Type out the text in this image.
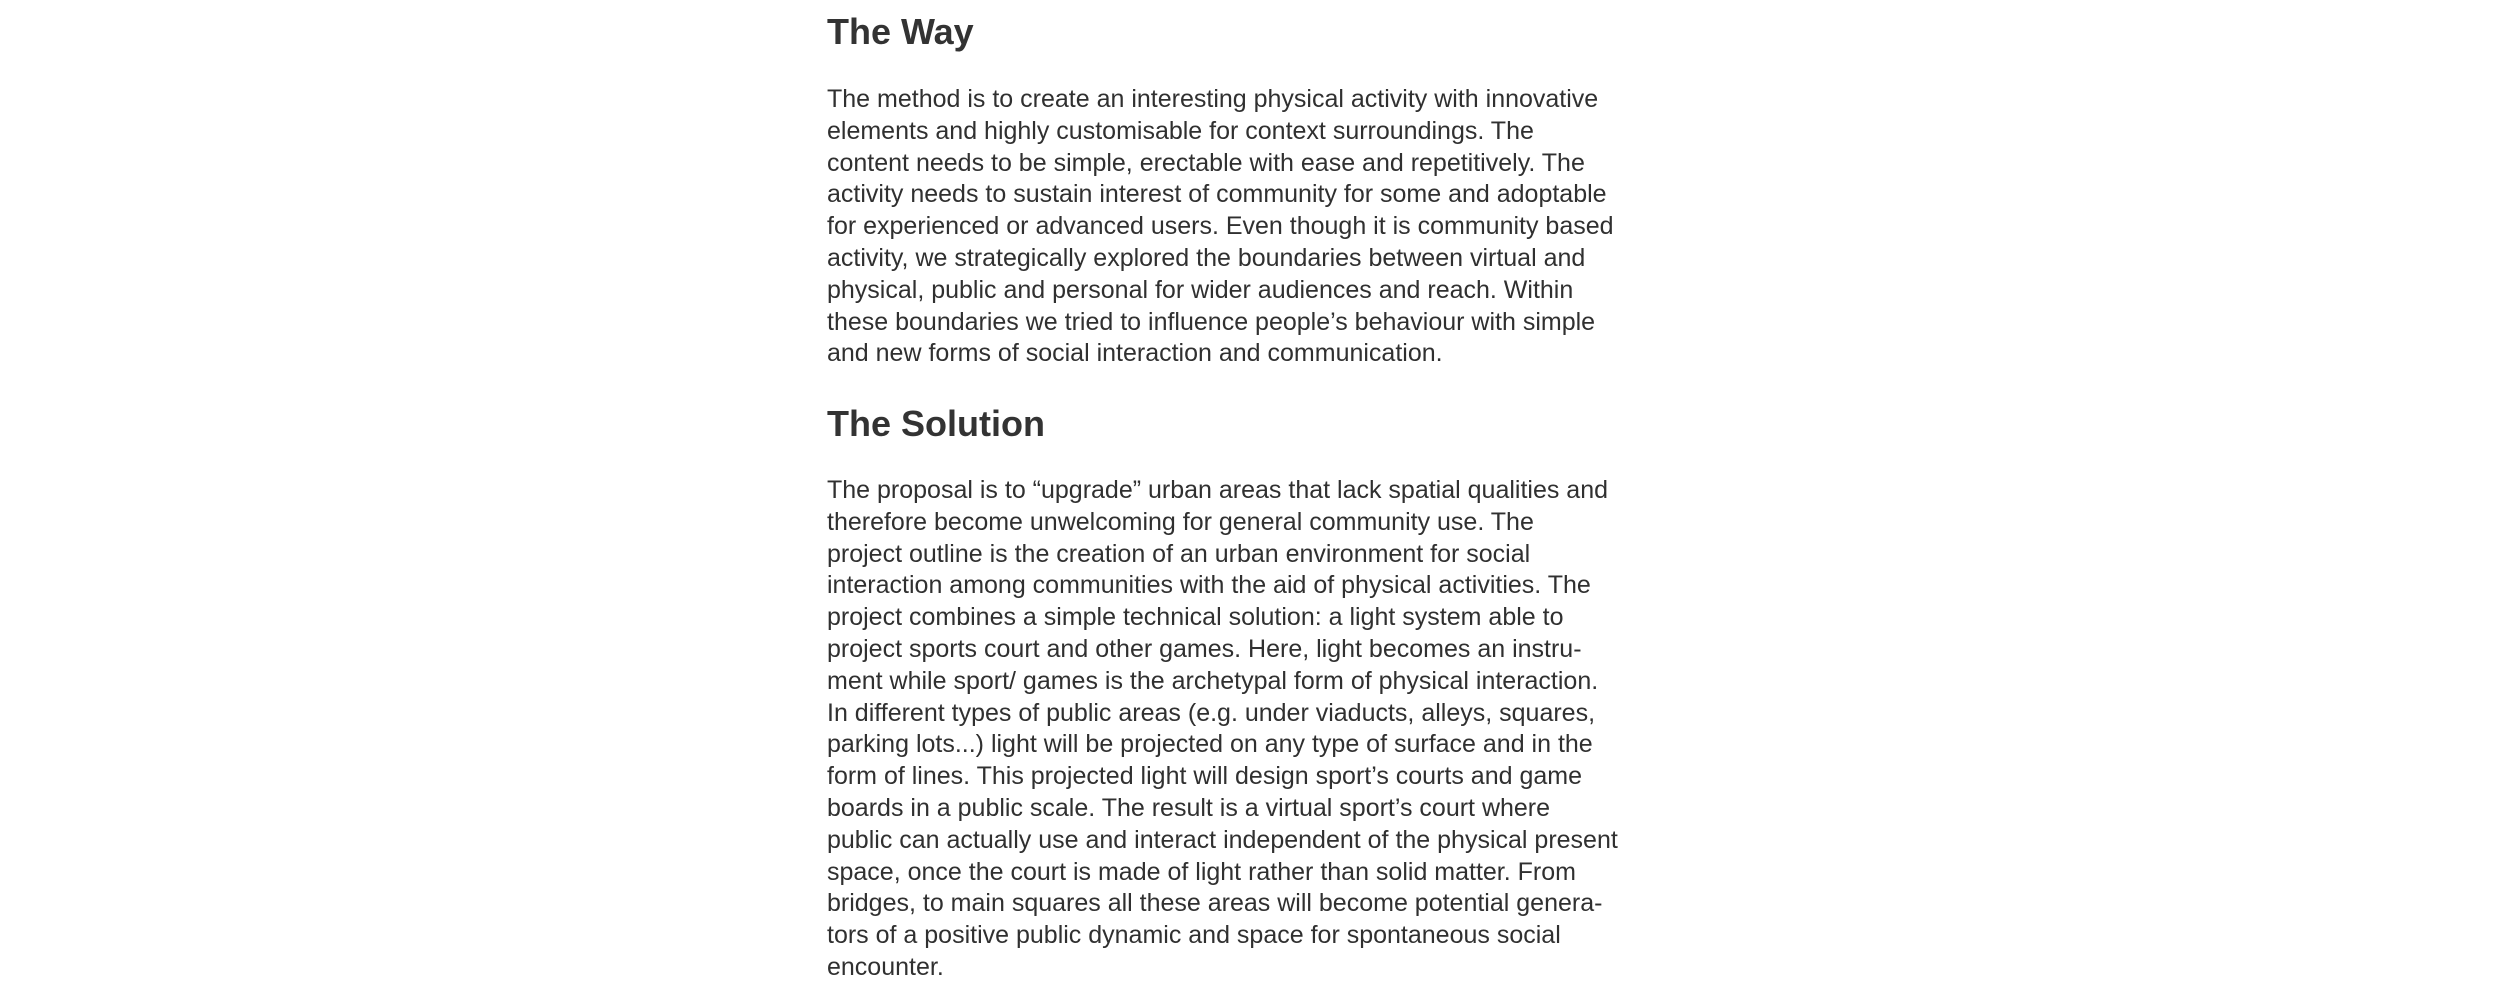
The Way

The method is to create an interesting physical activity with innovative
elements and highly customisable for context surroundings. The
content needs to be simple, erectable with ease and repetitively. The
activity needs to sustain interest of community for some and adoptable
for experienced or advanced users. Even though it is community based
activity, we strategically explored the boundaries between virtual and
physical, public and personal for wider audiences and reach. Within
these boundaries we tried to influence people’s behaviour with simple
and new forms of social interaction and communication.

The Solution

The proposal is to “upgrade” urban areas that lack spatial qualities and
therefore become unwelcoming for general community use. The
project outline is the creation of an urban environment for social
interaction among communities with the aid of physical activities. The
project combines a simple technical solution: a light system able to
project sports court and other games. Here, light becomes an instru-
ment while sport/ games is the archetypal form of physical interaction.
In different types of public areas (e.g. under viaducts, alleys, squares,
parking lots...) light will be projected on any type of surface and in the
form of lines. This projected light will design sport’s courts and game
boards in a public scale. The result is a virtual sport’s court where
public can actually use and interact independent of the physical present
space, once the court is made of light rather than solid matter. From
bridges, to main squares all these areas will become potential genera-
tors of a positive public dynamic and space for spontaneous social
encounter.
